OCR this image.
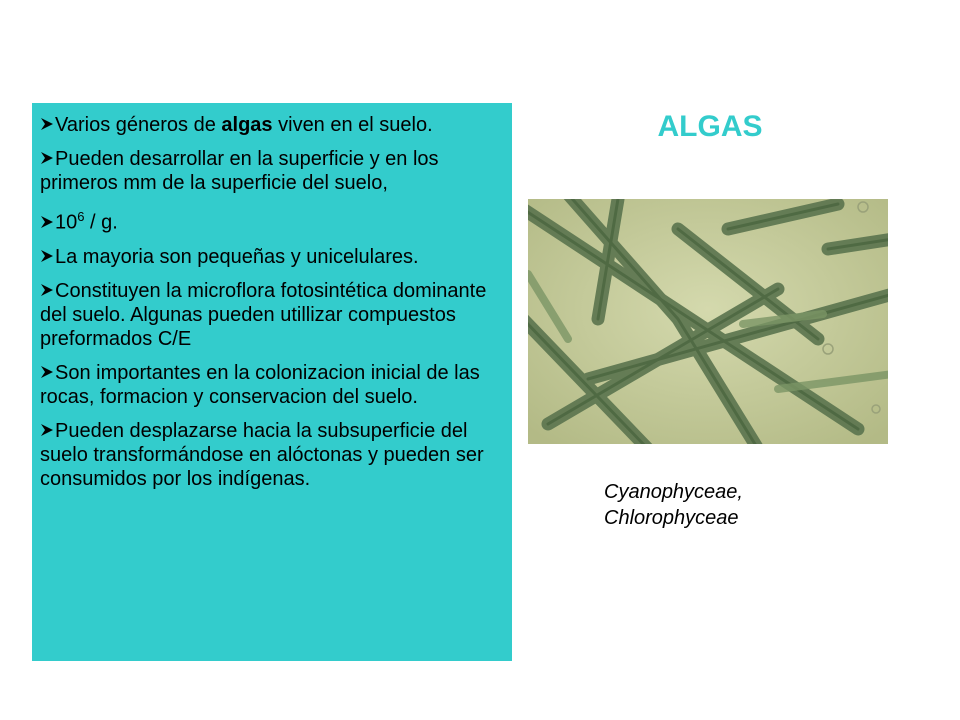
ALGAS

Varios géneros de algas viven en el suelo.

Pueden desarrollar en la superficie y en los primeros mm de la superficie del suelo,

$10^6$ / g.

La mayoria son pequeñas y unicelulares.

Constituyen la microflora fotosintética dominante del suelo. Algunas pueden utillizar compuestos preformados C/E

Son importantes en la colonizacion inicial de las rocas, formacion y conservacion del suelo.

Pueden desplazarse hacia la subsuperficie del suelo transformándose en alóctonas y pueden ser consumidos por los indígenas.

Cyanophyceae,
Chlorophyceae
